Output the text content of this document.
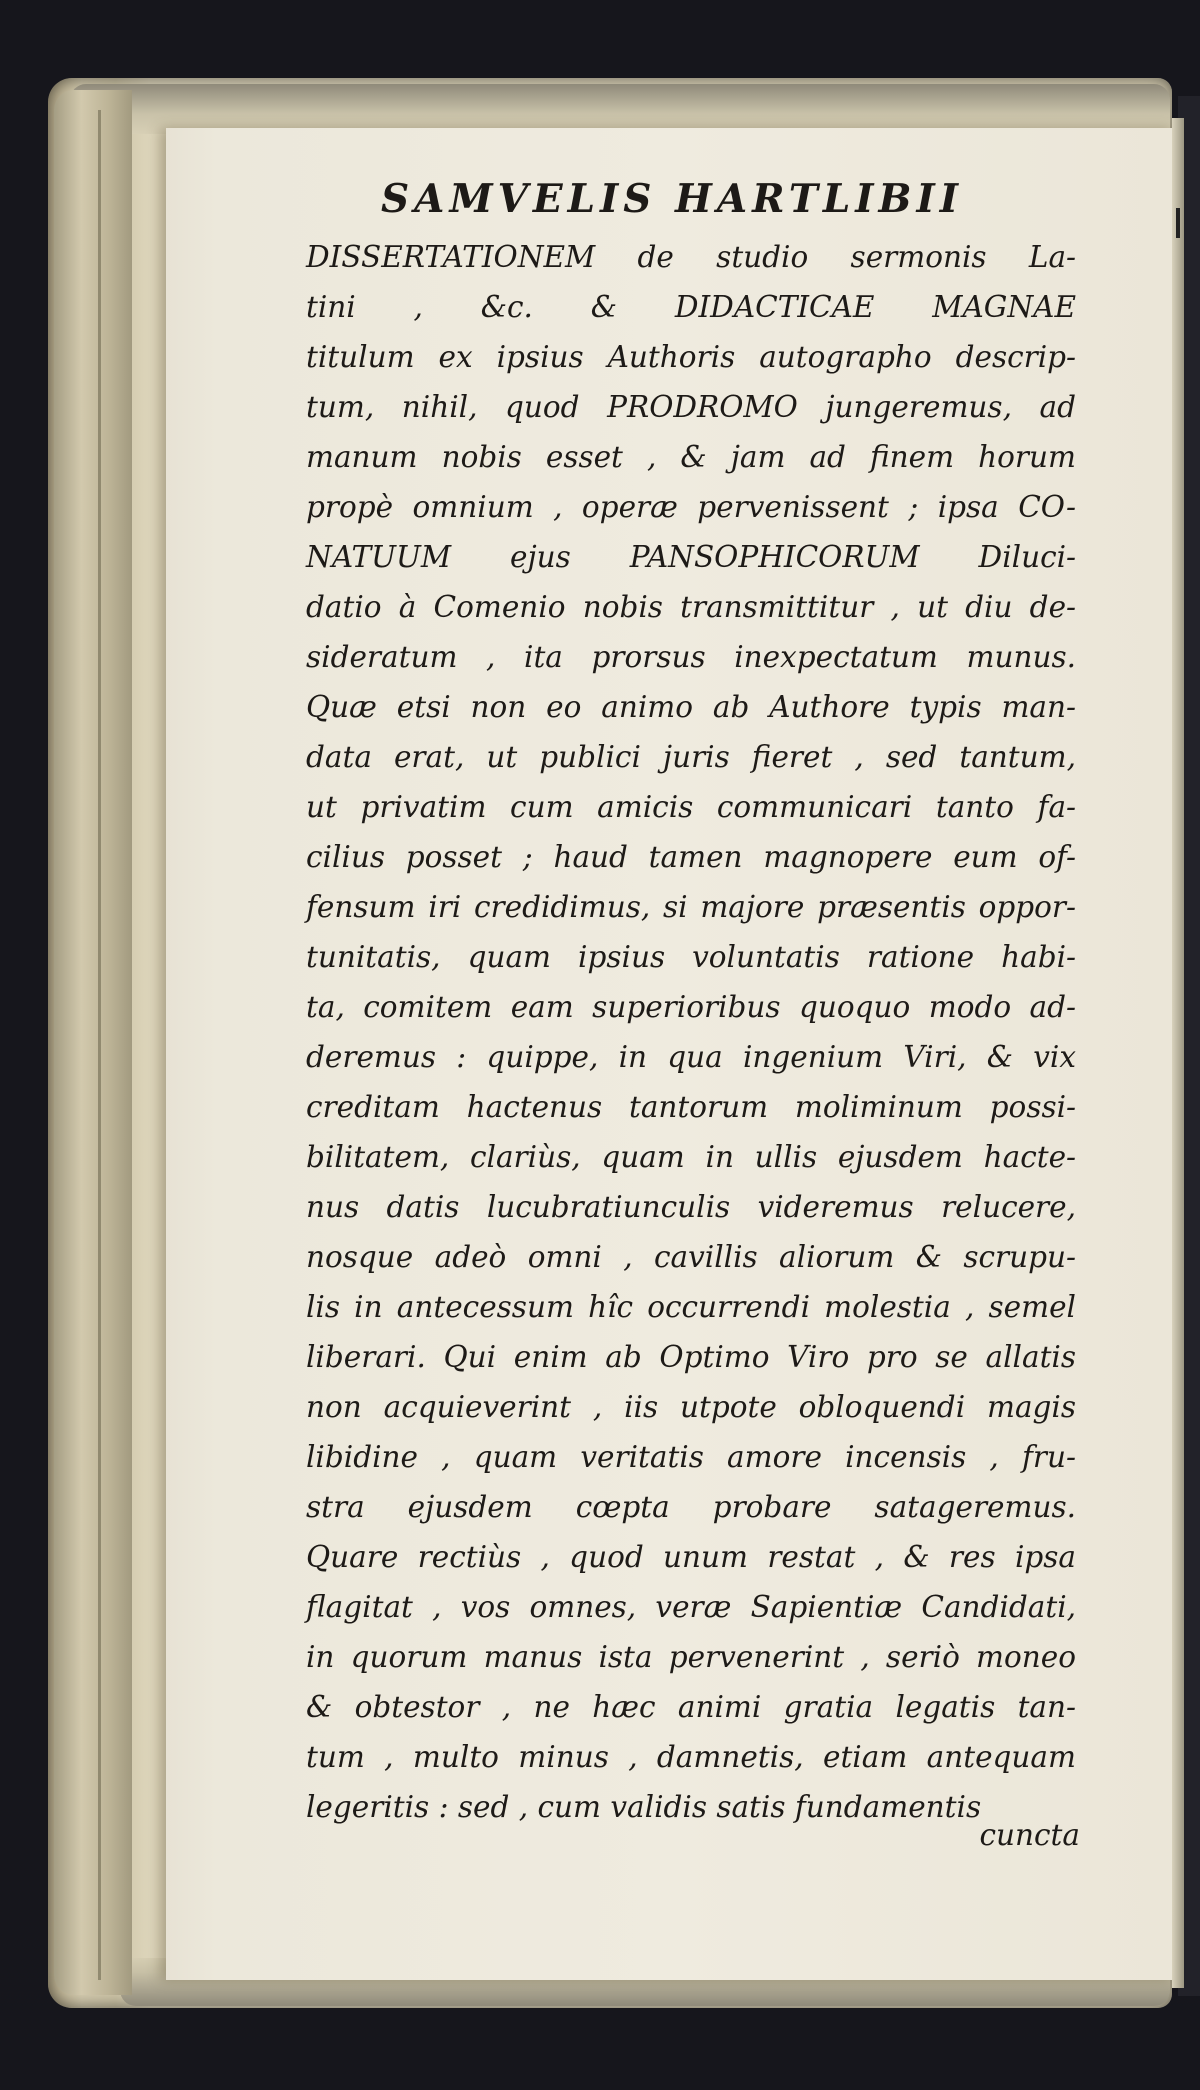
SAMVELIS HARTLIBII

DISSERTATIONEM de studio sermonis La-

tini , &c. & DIDACTICAE MAGNAE

titulum ex ipsius Authoris autographo descrip-

tum, nihil, quod PRODROMO jungeremus, ad

manum nobis esset , & jam ad finem horum

propè omnium , operæ pervenissent ; ipsa CO-

NATUUM ejus PANSOPHICORUM Diluci-

datio à Comenio nobis transmittitur , ut diu de-

sideratum , ita prorsus inexpectatum munus.

Quæ etsi non eo animo ab Authore typis man-

data erat, ut publici juris fieret , sed tantum,

ut privatim cum amicis communicari tanto fa-

cilius posset ; haud tamen magnopere eum of-

fensum iri credidimus, si majore præsentis oppor-

tunitatis, quam ipsius voluntatis ratione habi-

ta, comitem eam superioribus quoquo modo ad-

deremus : quippe, in qua ingenium Viri, & vix

creditam hactenus tantorum moliminum possi-

bilitatem, clariùs, quam in ullis ejusdem hacte-

nus datis lucubratiunculis videremus relucere,

nosque adeò omni , cavillis aliorum & scrupu-

lis in antecessum hîc occurrendi molestia , semel

liberari. Qui enim ab Optimo Viro pro se allatis

non acquieverint , iis utpote obloquendi magis

libidine , quam veritatis amore incensis , fru-

stra ejusdem cœpta probare satageremus.

Quare rectiùs , quod unum restat , & res ipsa

flagitat , vos omnes, veræ Sapientiæ Candidati,

in quorum manus ista pervenerint , seriò moneo

& obtestor , ne hæc animi gratia legatis tan-

tum , multo minus , damnetis, etiam antequam

legeritis : sed , cum validis satis fundamentis

cuncta
